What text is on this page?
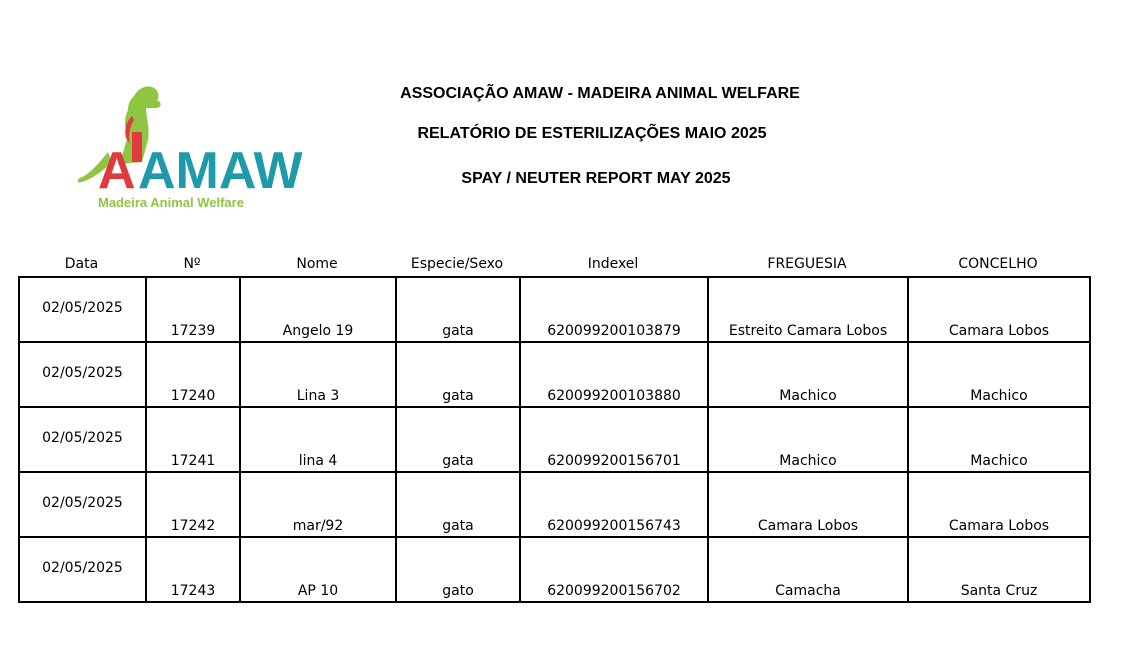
A AMAW
Madeira Animal Welfare
ASSOCIAÇÃO AMAW - MADEIRA ANIMAL WELFARE
RELATÓRIO DE ESTERILIZAÇÕES MAIO 2025
SPAY / NEUTER REPORT MAY 2025
Data	Nº	Nome	Especie/Sexo	Indexel	FREGUESIA	CONCELHO
02/05/2025	17239	Angelo 19	gata	620099200103879	Estreito Camara Lobos	Camara Lobos

02/05/2025	17240	Lina 3	gata	620099200103880	Machico	Machico

02/05/2025	17241	lina 4	gata	620099200156701	Machico	Machico

02/05/2025	17242	mar/92	gata	620099200156743	Camara Lobos	Camara Lobos

02/05/2025	17243	AP 10	gato	620099200156702	Camacha	Santa Cruz
